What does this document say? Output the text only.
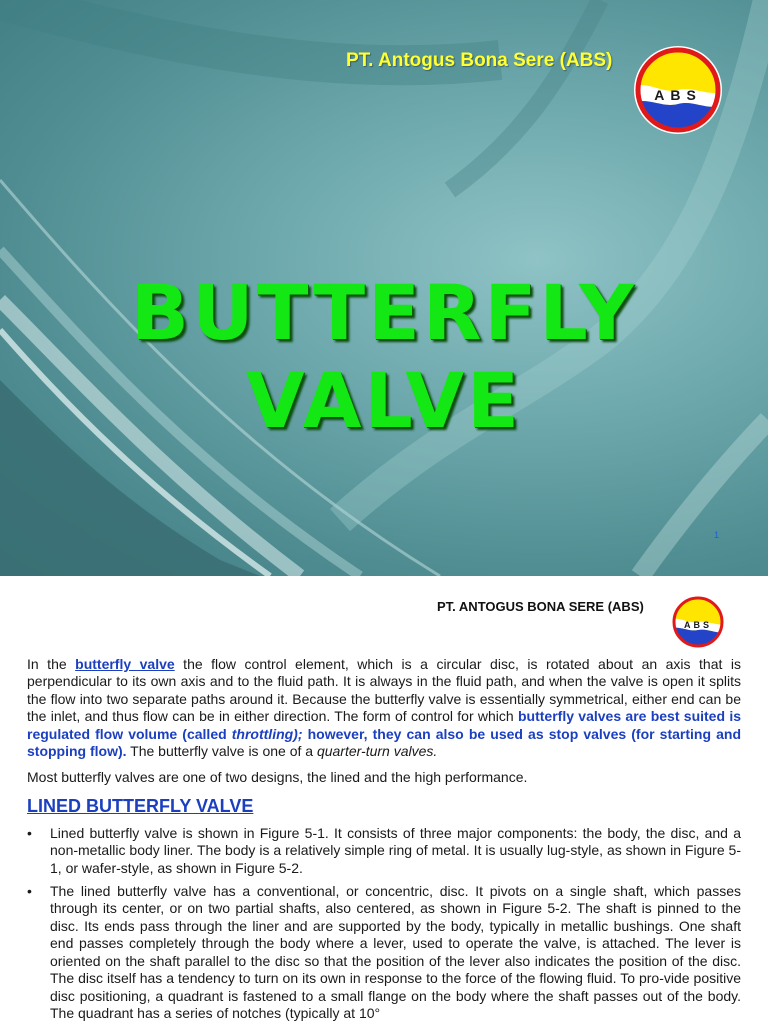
PT. Antogus Bona Sere (ABS)
ABS
BUTTERFLY
VALVE
1
PT. ANTOGUS BONA SERE (ABS)
ABS

In the butterfly valve the flow control element, which is a circular disc, is rotated about an axis that is perpendicular to its own axis and to the fluid path. It is always in the fluid path, and when the valve is open it splits the flow into two separate paths around it. Because the butterfly valve is essentially symmetrical, either end can be the inlet, and thus flow can be in either direction. The form of control for which butterfly valves are best suited is regulated flow volume (called throttling); however, they can also be used as stop valves (for starting and stopping flow). The butterfly valve is one of a quarter-turn valves.

Most butterfly valves are one of two designs, the lined and the high performance.

LINED BUTTERFLY VALVE
• Lined butterfly valve is shown in Figure 5-1. It consists of three major components: the body, the disc, and a non-metallic body liner. The body is a relatively simple ring of metal. It is usually lug-style, as shown in Figure 5-1, or wafer-style, as shown in Figure 5-2.
• The lined butterfly valve has a conventional, or concentric, disc. It pivots on a single shaft, which passes through its center, or on two partial shafts, also centered, as shown in Figure 5-2. The shaft is pinned to the disc. Its ends pass through the liner and are supported by the body, typically in metallic bushings. One shaft end passes completely through the body where a lever, used to operate the valve, is attached. The lever is oriented on the shaft parallel to the disc so that the position of the lever also indicates the position of the disc. The disc itself has a tendency to turn on its own in response to the force of the flowing fluid. To pro-vide positive disc positioning, a quadrant is fastened to a small flange on the body where the shaft passes out of the body. The quadrant has a series of notches (typically at 10°
